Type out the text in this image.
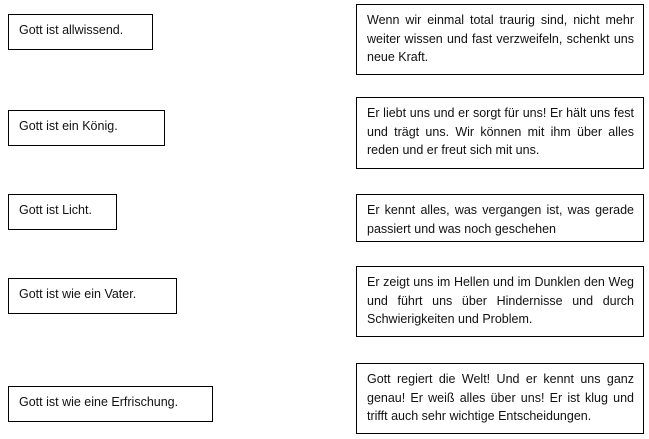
Gott ist allwissend.
Gott ist ein König.
Gott ist Licht.
Gott ist wie ein Vater.
Gott ist wie eine Erfrischung.
Wenn wir einmal total traurig sind, nicht mehr weiter wissen und fast verzweifeln, schenkt uns neue Kraft.
Er liebt uns und er sorgt für uns! Er hält uns fest und trägt uns. Wir können mit ihm über alles reden und er freut sich mit uns.
Er kennt alles, was vergangen ist, was gerade passiert und was noch geschehen
Er zeigt uns im Hellen und im Dunklen den Weg und führt uns über Hindernisse und durch Schwierigkeiten und Problem.
Gott regiert die Welt! Und er kennt uns ganz genau! Er weiß alles über uns! Er ist klug und trifft auch sehr wichtige Entscheidungen.
